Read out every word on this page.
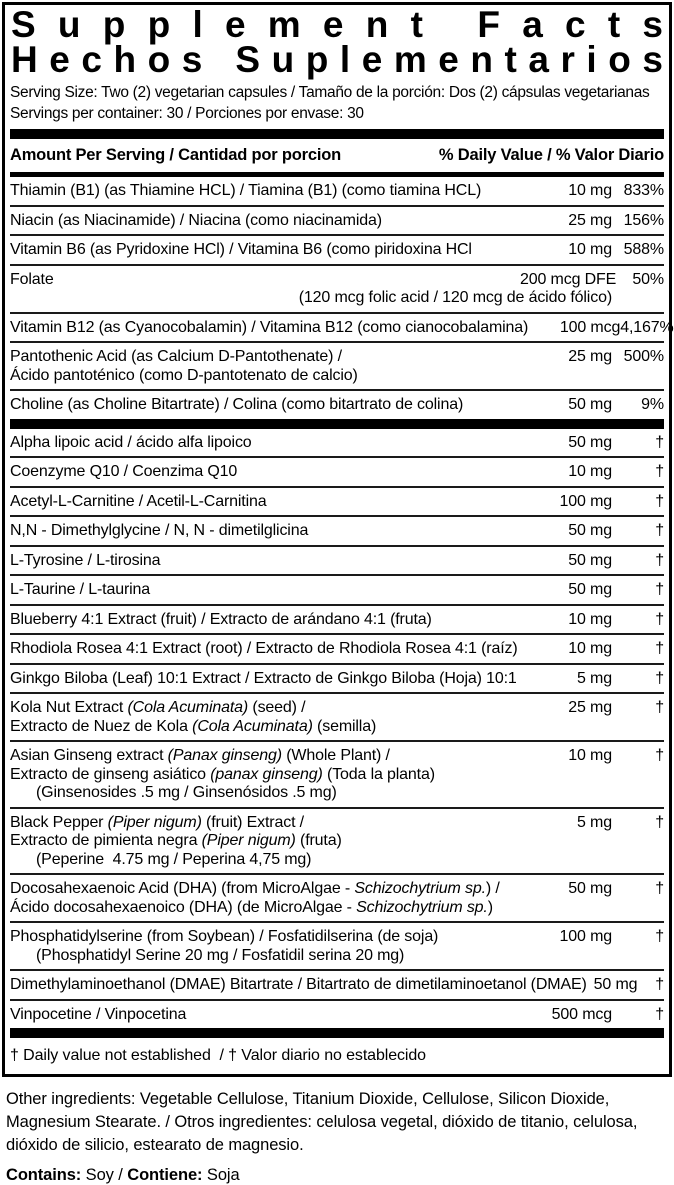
S u p p l e m e n t F a c t s
H e c h o s S u p l e m e n t a r i o s
Serving Size: Two (2) vegetarian capsules / Tamaño de la porción: Dos (2) cápsulas vegetarianas
Servings per container: 30 / Porciones por envase: 30
Amount Per Serving / Cantidad por porcion	% Daily Value / % Valor Diario
Thiamin (B1) (as Thiamine HCL) / Tiamina (B1) (como tiamina HCL)	10 mg 833%
Niacin (as Niacinamide) / Niacina (como niacinamida)	25 mg 156%
Vitamin B6 (as Pyridoxine HCl) / Vitamina B6 (como piridoxina HCl	10 mg 588%
Folate	200 mcg DFE	50%
(120 mcg folic acid / 120 mcg de ácido fólico)
Vitamin B12 (as Cyanocobalamin) / Vitamina B12 (como cianocobalamina)	100 mcg 4,167%
Pantothenic Acid (as Calcium D-Pantothenate) /	25 mg 500%
Ácido pantoténico (como D-pantotenato de calcio)
Choline (as Choline Bitartrate) / Colina (como bitartrato de colina)	50 mg	9%
Alpha lipoic acid / ácido alfa lipoico	50 mg	†
Coenzyme Q10 / Coenzima Q10	10 mg	†
Acetyl-L-Carnitine / Acetil-L-Carnitina	100 mg	†
N,N - Dimethylglycine / N, N - dimetilglicina	50 mg	†
L-Tyrosine / L-tirosina	50 mg	†
L-Taurine / L-taurina	50 mg	†
Blueberry 4:1 Extract (fruit) / Extracto de arándano 4:1 (fruta)	10 mg	†
Rhodiola Rosea 4:1 Extract (root) / Extracto de Rhodiola Rosea 4:1 (raíz)	10 mg	†
Ginkgo Biloba (Leaf) 10:1 Extract / Extracto de Ginkgo Biloba (Hoja) 10:1	5 mg	†
Kola Nut Extract (Cola Acuminata) (seed) /	25 mg	†
Extracto de Nuez de Kola (Cola Acuminata) (semilla)
Asian Ginseng extract (Panax ginseng) (Whole Plant) /	10 mg	†
Extracto de ginseng asiático (panax ginseng) (Toda la planta)
(Ginsenosides .5 mg / Ginsenósidos .5 mg)
Black Pepper (Piper nigum) (fruit) Extract /	5 mg	†
Extracto de pimienta negra (Piper nigum) (fruta)
(Peperine  4.75 mg / Peperina 4,75 mg)
Docosahexaenoic Acid (DHA) (from MicroAlgae - Schizochytrium sp.) /	50 mg	†
Ácido docosahexaenoico (DHA) (de MicroAlgae - Schizochytrium sp.)
Phosphatidylserine (from Soybean) / Fosfatidilserina (de soja)	100 mg	†
(Phosphatidyl Serine 20 mg / Fosfatidil serina 20 mg)
Dimethylaminoethanol (DMAE) Bitartrate / Bitartrato de dimetilaminoetanol (DMAE) 50 mg	†
Vinpocetine / Vinpocetina	500 mcg	†
† Daily value not established  / † Valor diario no establecido
Other ingredients: Vegetable Cellulose, Titanium Dioxide, Cellulose, Silicon Dioxide, Magnesium Stearate. / Otros ingredientes: celulosa vegetal, dióxido de titanio, celulosa, dióxido de silicio, estearato de magnesio.
Contains: Soy / Contiene: Soja
